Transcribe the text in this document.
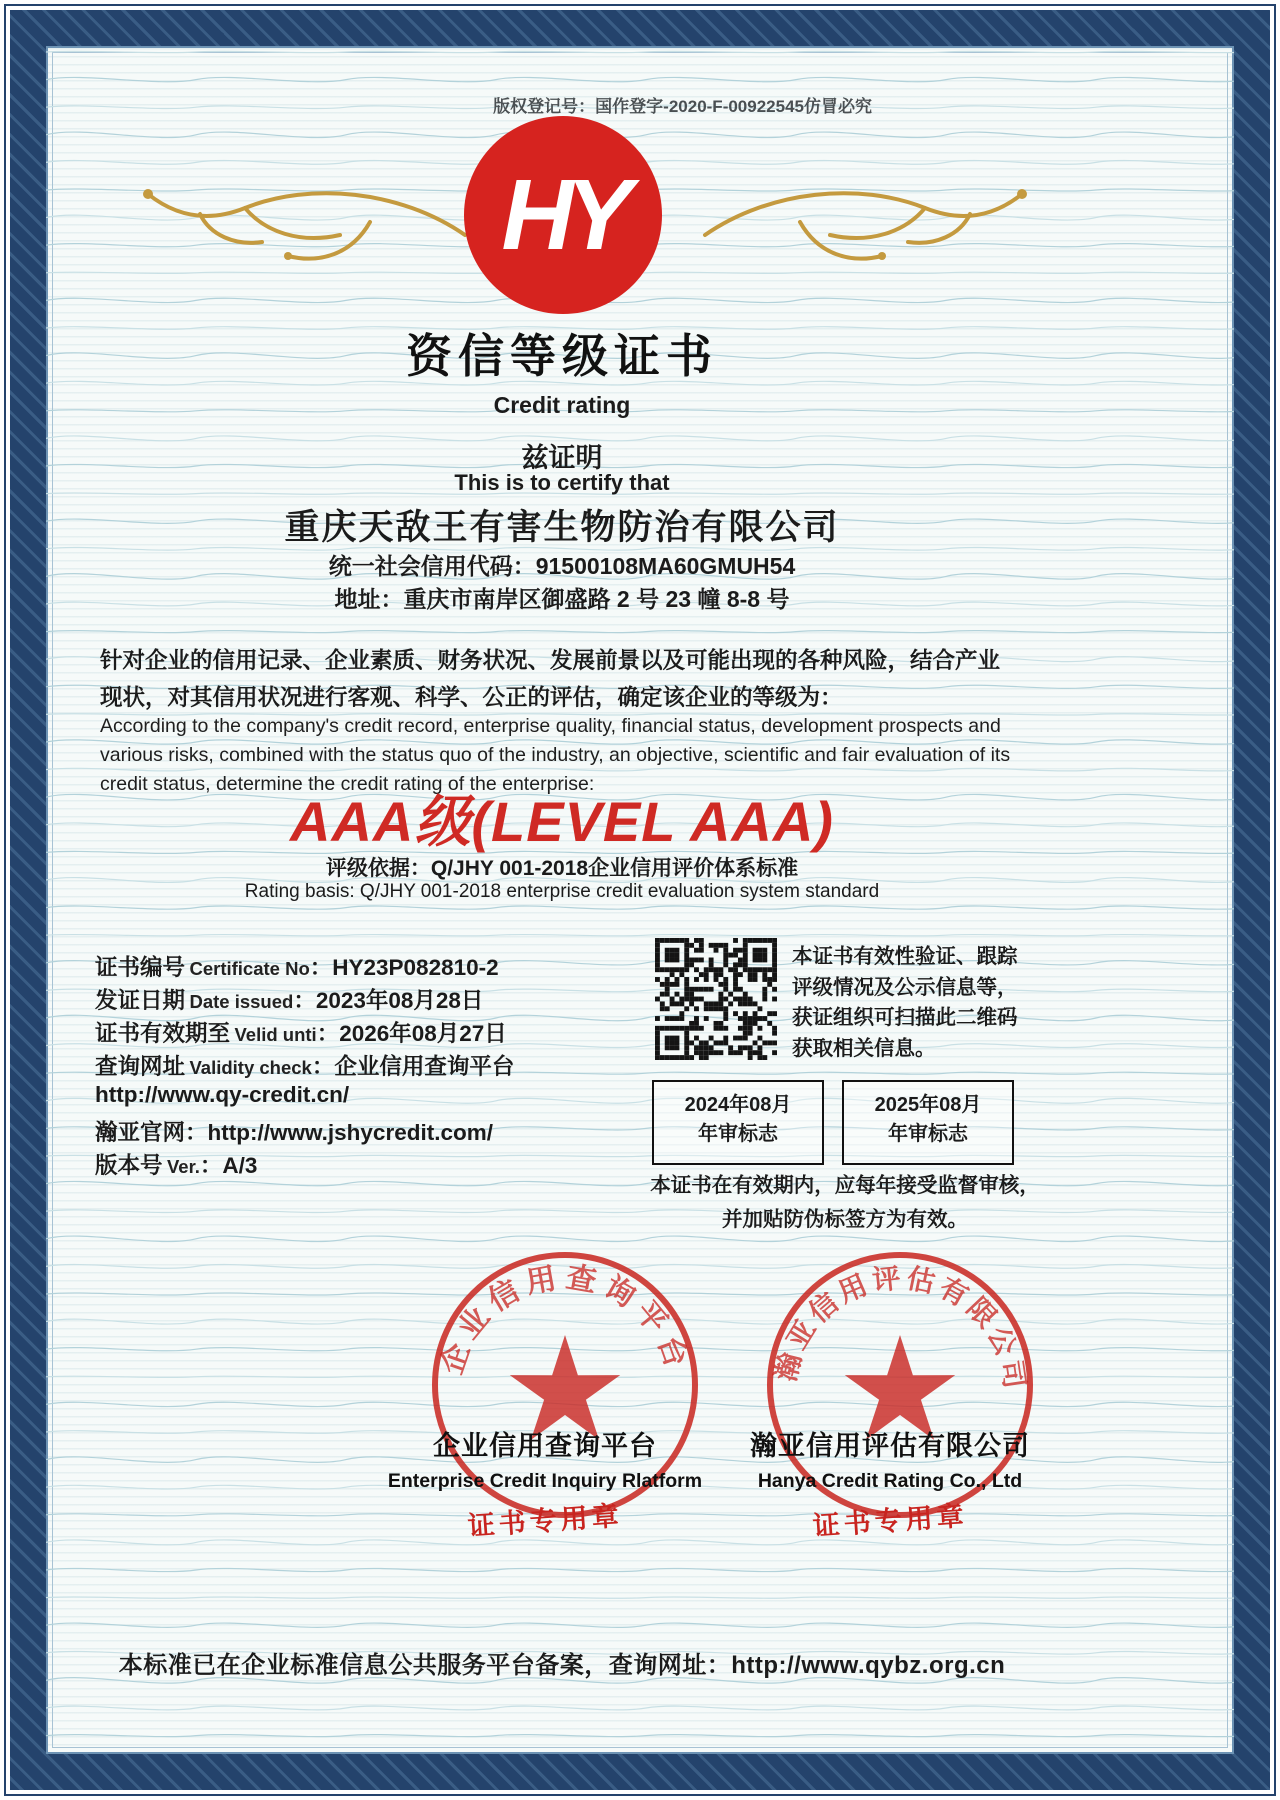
版权登记号：国作登字-2020-F-00922545仿冒必究
HY
资信等级证书
Credit rating
兹证明
This is to certify that
重庆天敌王有害生物防治有限公司
统一社会信用代码：91500108MA60GMUH54
地址：重庆市南岸区御盛路 2 号 23 幢 8-8 号
针对企业的信用记录、企业素质、财务状况、发展前景以及可能出现的各种风险，结合产业
现状，对其信用状况进行客观、科学、公正的评估，确定该企业的等级为：
According to the company's credit record, enterprise quality, financial status, development prospects and various risks, combined with the status quo of the industry, an objective, scientific and fair evaluation of its credit status, determine the credit rating of the enterprise:
AAA级(LEVEL AAA)
评级依据：Q/JHY 001-2018企业信用评价体系标准
Rating basis: Q/JHY 001-2018 enterprise credit evaluation system standard
证书编号 Certificate No：HY23P082810-2
发证日期 Date issued：2023年08月28日
证书有效期至 Velid unti：2026年08月27日
查询网址 Validity check：企业信用查询平台
http://www.qy-credit.cn/
瀚亚官网：http://www.jshycredit.com/
版本号 Ver.：A/3
本证书有效性验证、跟踪
评级情况及公示信息等，
获证组织可扫描此二维码
获取相关信息。
2024年08月
年审标志
2025年08月
年审标志
本证书在有效期内，应每年接受监督审核，
并加贴防伪标签方为有效。
企业信用查询平台	瀚亚信用评估有限公司
企业信用查询平台
Enterprise Credit Inquiry Rlatform
证书专用章
瀚亚信用评估有限公司
Hanya Credit Rating Co., Ltd
证书专用章
本标准已在企业标准信息公共服务平台备案，查询网址：http://www.qybz.org.cn
